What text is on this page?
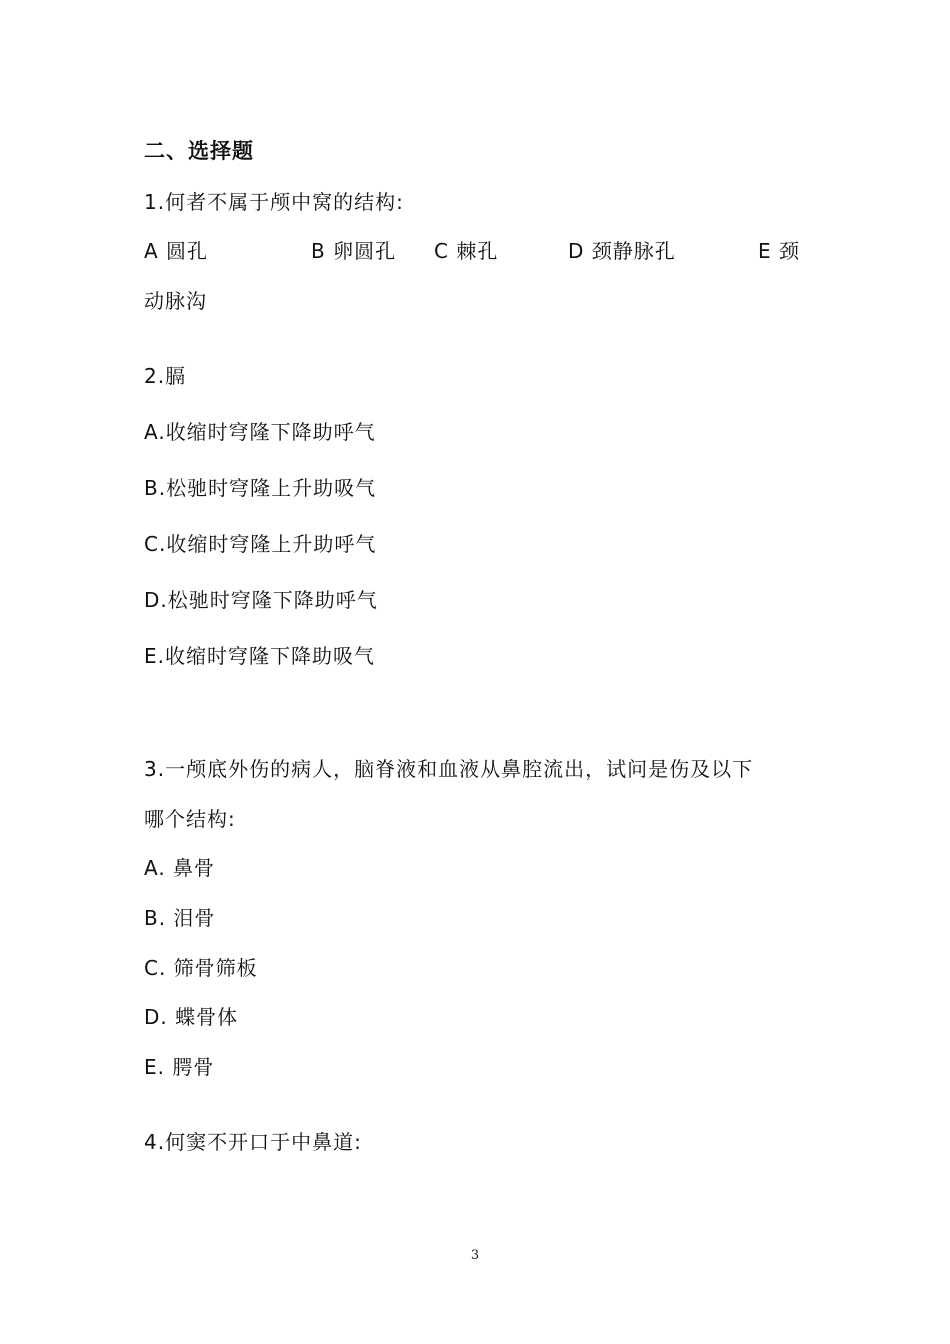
二、选择题
1.何者不属于颅中窝的结构:
A 圆孔	B 卵圆孔 C 棘孔	D 颈静脉孔	E 颈
动脉沟
2.膈
A.收缩时穹隆下降助呼气
B.松驰时穹隆上升助吸气
C.收缩时穹隆上升助呼气
D.松驰时穹隆下降助呼气
E.收缩时穹隆下降助吸气
3.一颅底外伤的病人，脑脊液和血液从鼻腔流出，试问是伤及以下
哪个结构:
A. 鼻骨
B. 泪骨
C. 筛骨筛板
D. 蝶骨体
E. 腭骨
4.何窦不开口于中鼻道:
3
